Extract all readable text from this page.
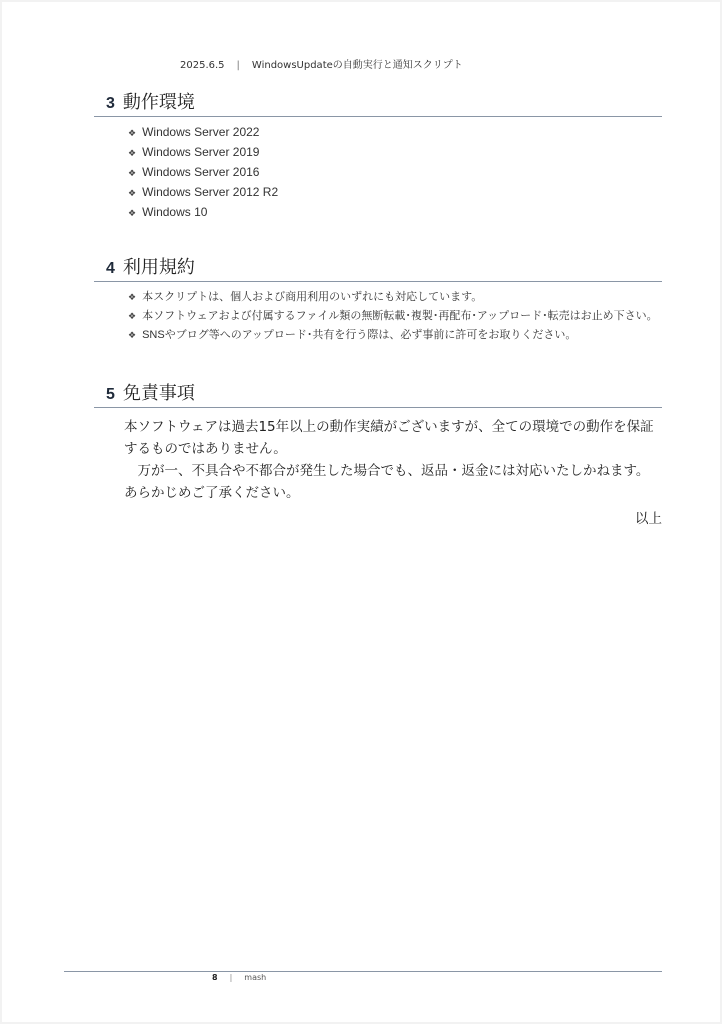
2025.6.5 | WindowsUpdateの自動実行と通知スクリプト
3 動作環境
❖ Windows Server 2022
❖ Windows Server 2019
❖ Windows Server 2016
❖ Windows Server 2012 R2
❖ Windows 10
4 利用規約
❖ 本スクリプトは、個人および商用利用のいずれにも対応しています。
❖ 本ソフトウェアおよび付属するファイル類の無断転載･複製･再配布･アップロード･転売はお止め下さい。
❖ SNSやブログ等へのアップロード･共有を行う際は、必ず事前に許可をお取りください。
5 免責事項
本ソフトウェアは過去15年以上の動作実績がございますが、全ての環境での動作を保証するものではありません。
　万が一、不具合や不都合が発生した場合でも、返品・返金には対応いたしかねます。あらかじめご了承ください。
以上
8 | mash
